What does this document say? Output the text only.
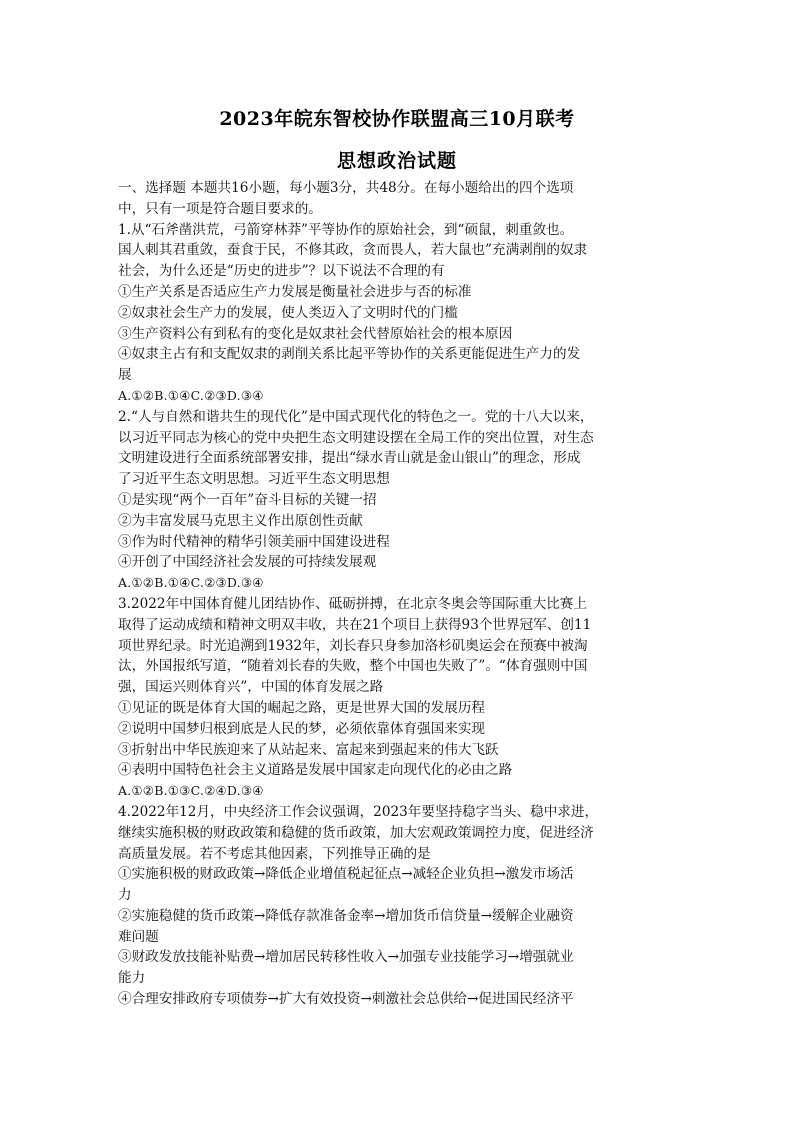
2023年皖东智校协作联盟高三10月联考
思想政治试题
一、选择题 本题共16小题，每小题3分，共48分。在每小题给出的四个选项
中，只有一项是符合题目要求的。
1.从“石斧凿洪荒，弓箭穿林莽”平等协作的原始社会，到“硕鼠，刺重敛也。
国人刺其君重敛，蚕食于民，不修其政，贪而畏人，若大鼠也”充满剥削的奴隶
社会，为什么还是“历史的进步”？以下说法不合理的有
①生产关系是否适应生产力发展是衡量社会进步与否的标准
②奴隶社会生产力的发展，使人类迈入了文明时代的门槛
③生产资料公有到私有的变化是奴隶社会代替原始社会的根本原因
④奴隶主占有和支配奴隶的剥削关系比起平等协作的关系更能促进生产力的发
展
A.①②B.①④C.②③D.③④
2.“人与自然和谐共生的现代化”是中国式现代化的特色之一。党的十八大以来，
以习近平同志为核心的党中央把生态文明建设摆在全局工作的突出位置，对生态
文明建设进行全面系统部署安排，提出“绿水青山就是金山银山”的理念，形成
了习近平生态文明思想。习近平生态文明思想
①是实现“两个一百年”奋斗目标的关键一招
②为丰富发展马克思主义作出原创性贡献
③作为时代精神的精华引领美丽中国建设进程
④开创了中国经济社会发展的可持续发展观
A.①②B.①④C.②③D.③④
3.2022年中国体育健儿团结协作、砥砺拼搏，在北京冬奥会等国际重大比赛上
取得了运动成绩和精神文明双丰收，共在21个项目上获得93个世界冠军、创11
项世界纪录。时光追溯到1932年，刘长春只身参加洛杉矶奥运会在预赛中被淘
汰，外国报纸写道，“随着刘长春的失败，整个中国也失败了”。“体育强则中国
强，国运兴则体育兴”，中国的体育发展之路
①见证的既是体育大国的崛起之路，更是世界大国的发展历程
②说明中国梦归根到底是人民的梦，必须依靠体育强国来实现
③折射出中华民族迎来了从站起来、富起来到强起来的伟大飞跃
④表明中国特色社会主义道路是发展中国家走向现代化的必由之路
A.①②B.①③C.②④D.③④
4.2022年12月，中央经济工作会议强调，2023年要坚持稳字当头、稳中求进，
继续实施积极的财政政策和稳健的货币政策，加大宏观政策调控力度，促进经济
高质量发展。若不考虑其他因素，下列推导正确的是
①实施积极的财政政策→降低企业增值税起征点→减轻企业负担→激发市场活
力
②实施稳健的货币政策→降低存款准备金率→增加货币信贷量→缓解企业融资
难问题
③财政发放技能补贴费→增加居民转移性收入→加强专业技能学习→增强就业
能力
④合理安排政府专项债券→扩大有效投资→刺激社会总供给→促进国民经济平
